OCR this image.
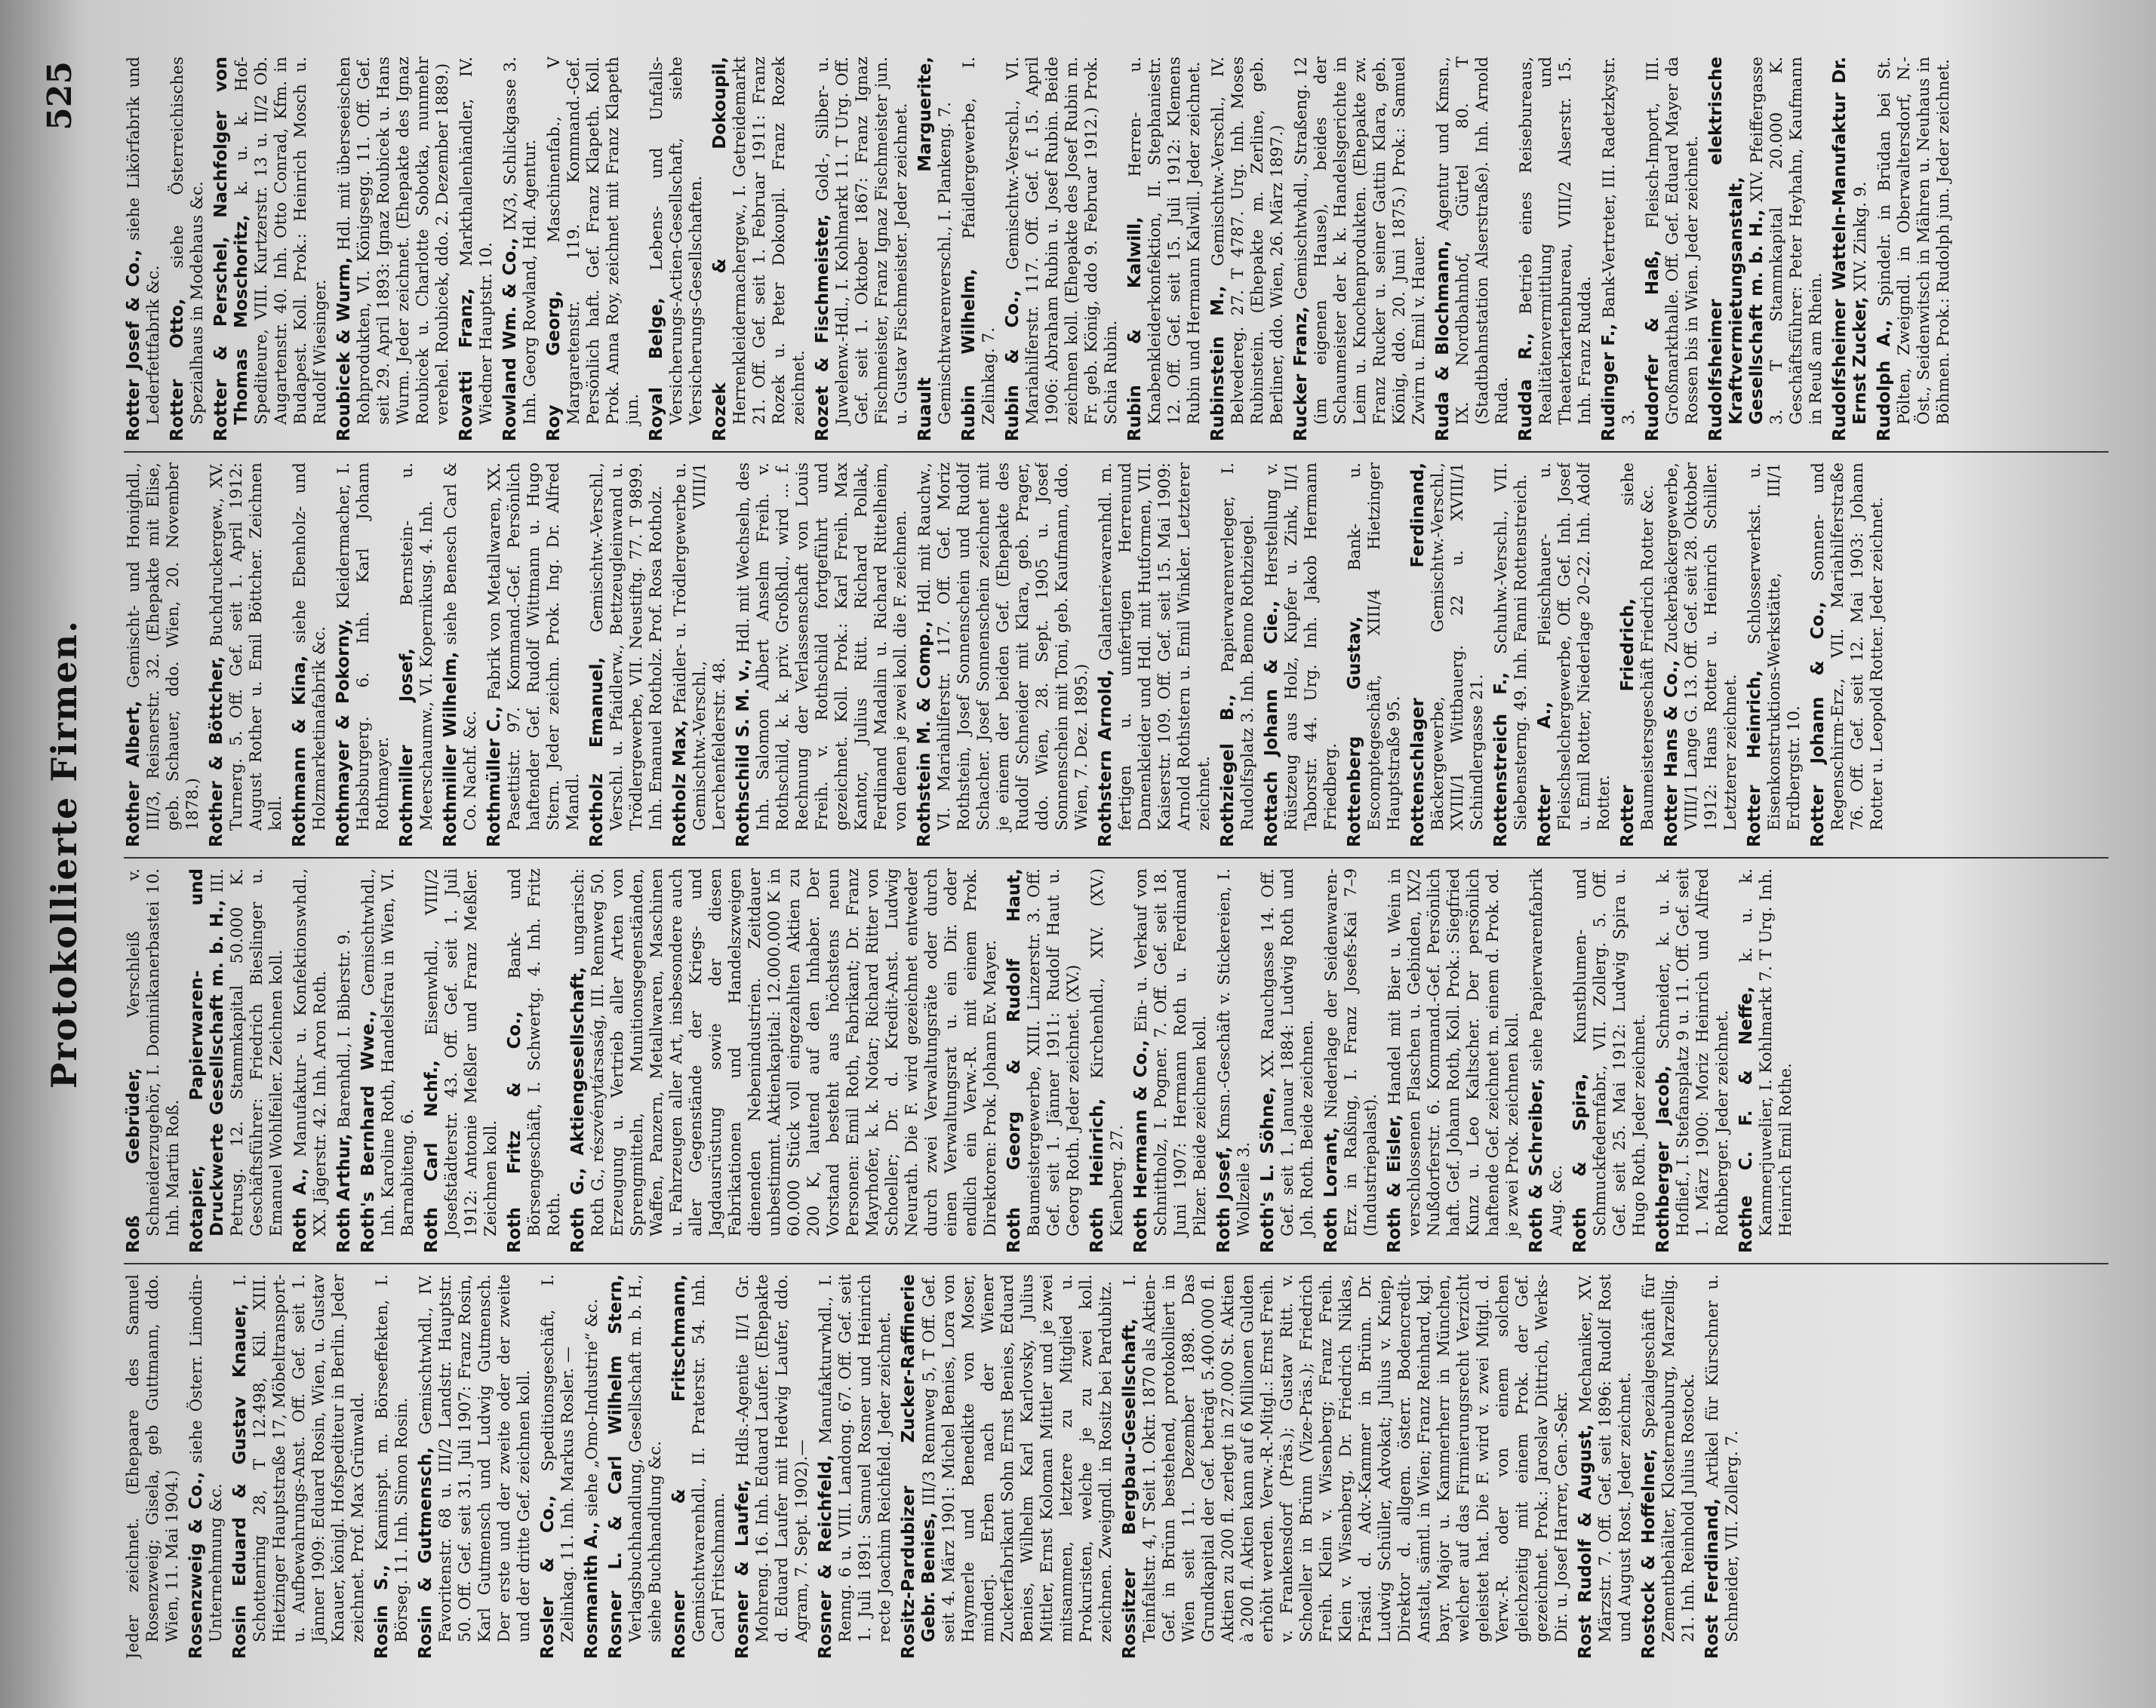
Protokollierte Firmen.
525

Jeder zeichnet. (Ehepaare des Samuel Rosenzweig; Gisela, geb Guttmann, ddo. Wien, 11. Mai 1904.) Rosenzweig & Co., siehe Österr. Limodin-Unternehmung &c. Rosin Eduard & Gustav Knauer, I. Schottenring 28, T 12.498, Kil. XIII. Hietzinger Hauptstraße 17, Möbeltransport- u. Aufbewahrungs-Anst. Off. Gef. seit 1. Jänner 1909: Eduard Rosin, Wien, u. Gustav Knauer, königl. Hofspediteur in Berlin. Jeder zeichnet. Prof. Max Grünwald. Rosin S., Kaminspt. m. Börseeffekten, I. Börseg. 11. Inh. Simon Rosin. Rosin & Gutmensch, Gemischtwhdl., IV. Favoritenstr. 68 u. III/2 Landstr. Hauptstr. 50. Off. Gef. seit 31. Juli 1907: Franz Rosin, Karl Gutmensch und Ludwig Gutmensch. Der erste und der zweite oder der zweite und der dritte Gef. zeichnen koll. Rosler & Co., Speditionsgeschäft, I. Zelinkag. 11. Inh. Markus Rosler. — Rosmanith A., siehe „Omo-Industrie“ &c. Rosner L. & Carl Wilhelm Stern, Verlagsbuchhandlung, Gesellschaft m. b. H., siehe Buchhandlung &c. Rosner & Fritschmann, Gemischtwarenhdl., II. Praterstr. 54. Inh. Carl Fritschmann. Rosner & Laufer, Hdls.-Agentie II/1 Gr. Mohreng. 16. Inh. Eduard Laufer. (Ehepakte d. Eduard Laufer mit Hedwig Laufer, ddo. Agram, 7. Sept. 1902).— Rosner & Reichfeld, Manufakturwhdl., I. Renng. 6 u. VIII. Landong. 67. Off. Gef. seit 1. Juli 1891: Samuel Rosner und Heinrich recte Joachim Reichfeld. Jeder zeichnet. Rositz-Pardubizer Zucker-Raffinerie Gebr. Benies, III/3 Rennweg 5, T Off. Gef. seit 4. März 1901: Michel Benies, Lora von Haymerle und Benedikte von Moser, minderj. Erben nach der Wiener Zuckerfabrikant Sohn Ernst Benies, Eduard Benies, Wilhelm Karl Karlovsky, Julius Mittler, Ernst Koloman Mittler und je zwei mitsammen, letztere zu Mitglied u. Prokuristen, welche je zu zwei koll. zeichnen. Zweigndl. in Rositz bei Pardubitz. Rossitzer Bergbau-Gesellschaft, I. Teinfaltstr. 4, T Seit 1. Oktr. 1870 als Aktien-Gef. in Brünn bestehend, protokolliert in Wien seit 11. Dezember 1898. Das Grundkapital der Gef. beträgt 5.400.000 fl. Aktien zu 200 fl. zerlegt in 27.000 St. Aktien à 200 fl. Aktien kann auf 6 Millionen Gulden erhöht werden. Verw.-R.-Mitgl.: Ernst Freih. v. Frankensdorf (Präs.); Gustav Ritt. v. Schoeller in Brünn (Vize-Präs.); Friedrich Freih. Klein v. Wisenberg; Franz Freih. Klein v. Wisenberg, Dr. Friedrich Niklas, Präsid. d. Adv.-Kammer in Brünn. Dr. Ludwig Schüller, Advokat; Julius v. Kniep, Direktor d. allgem. österr. Bodencredit-Anstalt, sämtl. in Wien; Franz Reinhard, kgl. bayr. Major u. Kammerherr in München, welcher auf das Firmierungsrecht Verzicht geleistet hat. Die F. wird v. zwei Mitgl. d. Verw.-R. oder von einem solchen gleichzeitig mit einem Prok. der Gef. gezeichnet. Prok.: Jaroslav Dittrich, Werks-Dir. u. Josef Harrer, Gen.-Sekr. Rost Rudolf & August, Mechaniker, XV. Märzstr. 7. Off. Gef. seit 1896: Rudolf Rost und August Rost. Jeder zeichnet. Rostock & Hoffelner, Spezialgeschäft für Zementbehälter, Klosterneuburg, Marzellig. 21. Inh. Reinhold Julius Rostock. Rost Ferdinand, Artikel für Kürschner u. Schneider, VII. Zollerg. 7.

Roß Gebrüder, Verschleiß v. Schneiderzugehör, I. Dominikanerbastei 10. Inh. Martin Roß. Rotapier, Papierwaren- und Druckwerte Gesellschaft m. b. H., III. Petrusg. 12. Stammkapital 50.000 K. Geschäftsführer: Friedrich Bieslinger u. Emanuel Wohlfeiler. Zeichnen koll. Roth A., Manufaktur- u. Konfektionswhdl., XX. Jägerstr. 42. Inh. Aron Roth. Roth Arthur, Barenhdl., I. Biberstr. 9. Roth's Bernhard Wwe., Gemischtwhdl., Inh. Karoline Roth, Handelsfrau in Wien, VI. Barnabiteng. 6. Roth Carl Nchf., Eisenwhdl., VIII/2 Josefstädterstr. 43. Off. Gef. seit 1. Juli 1912: Antonie Meßler und Franz Meßler. Zeichnen koll. Roth Fritz & Co., Bank- und Börsengeschäft, I. Schwertg. 4. Inh. Fritz Roth. Roth G., Aktiengesellschaft, ungarisch: Roth G., részvénytársaság, III. Rennweg 50. Erzeugung u. Vertrieb aller Arten von Sprengmitteln, Munitionsgegenständen, Waffen, Panzern, Metallwaren, Maschinen u. Fahrzeugen aller Art, insbesondere auch aller Gegenstände der Kriegs- und Jagdausrüstung sowie der diesen Fabrikationen und Handelszweigen dienenden Nebenindustrien. Zeitdauer unbestimmt. Aktienkapital: 12.000.000 K in 60.000 Stück voll eingezahlten Aktien zu 200 K, lautend auf den Inhaber. Der Vorstand besteht aus höchstens neun Personen: Emil Roth, Fabrikant; Dr. Franz Mayrhofer, k. k. Notar; Richard Ritter von Schoeller; Dr. d. Kredit-Anst. Ludwig Neurath. Die F. wird gezeichnet entweder durch zwei Verwaltungsräte oder durch einen Verwaltungsrat u. ein Dir. oder endlich ein Verw.-R. mit einem Prok. Direktoren: Prok. Johann Ev. Mayer. Roth Georg & Rudolf Haut, Baumeistergewerbe, XIII. Linzerstr. 3. Off. Gef. seit 1. Jänner 1911: Rudolf Haut u. Georg Roth. Jeder zeichnet. (XV.) Roth Heinrich, Kirchenhdl., XIV. (XV.) Kienberg. 27. Roth Hermann & Co., Ein- u. Verkauf von Schnittholz, I. Pogner. 7. Off. Gef. seit 18. Juni 1907: Hermann Roth u. Ferdinand Pilzer. Beide zeichnen koll. Roth Josef, Kmsn.-Geschäft v. Stickereien, I. Wollzeile 3. Roth's L. Söhne, XX. Rauchgasse 14. Off. Gef. seit 1. Januar 1884: Ludwig Roth und Joh. Roth. Beide zeichnen. Roth Lorant, Niederlage der Seidenwaren-Erz. in Raßing, I. Franz Josefs-Kai 7–9 (Industriepalast). Roth & Eisler, Handel mit Bier u. Wein in verschlossenen Flaschen u. Gebinden, IX/2 Nußdorferstr. 6. Kommand.-Gef. Persönlich haft. Gef. Johann Roth, Koll. Prok.: Siegfried Kunz u. Leo Kaltscher. Der persönlich haftende Gef. zeichnet m. einem d. Prok. od. je zwei Prok. zeichnen koll. Roth & Schreiber, siehe Papierwarenfabrik Aug. &c. Roth & Spira, Kunstblumen- und Schmuckfedernfabr., VII. Zollerg. 5. Off. Gef. seit 25. Mai 1912: Ludwig Spira u. Hugo Roth. Jeder zeichnet. Rothberger Jacob, Schneider, k. u. k. Hoflief., I. Stefansplatz 9 u. 11. Off. Gef. seit 1. März 1900: Moriz Heinrich und Alfred Rothberger. Jeder zeichnet. Rothe C. F. & Neffe, k. u. k. Kammerjuwelier, I. Kohlmarkt 7. T Urg. Inh. Heinrich Emil Rothe.

Rother Albert, Gemischt- und Honighdl., III/3, Reisnerstr. 32. (Ehepakte mit Elise, geb. Schauer, ddo. Wien, 20. November 1878.) Rother & Böttcher, Buchdruckergew., XV. Turnerg. 5. Off. Gef. seit 1. April 1912: August Rother u. Emil Böttcher. Zeichnen koll. Rothmann & Kina, siehe Ebenholz- und Holzmarketinafabrik &c. Rothmayer & Pokorny, Kleidermacher, I. Habsburgerg. 6. Inh. Karl Johann Rothmayer. Rothmiller Josef, Bernstein- u. Meerschaumw., VI. Kopernikusg. 4. Inh. Rothmiller Wilhelm, siehe Benesch Carl & Co. Nachf. &c. Rothmüller C., Fabrik von Metallwaren, XX. Pasettistr. 97. Kommand.-Gef. Persönlich haftender Gef. Rudolf Wittmann u. Hugo Stern. Jeder zeichn. Prok. Ing. Dr. Alfred Mandl. Rotholz Emanuel, Gemischtw.-Verschl., Verschl. u. Pfaidlerw., Bettzeugleinwand u. Trödlergewerbe, VII. Neustiftg. 77. T 9899. Inh. Emanuel Rotholz. Prof. Rosa Rotholz. Rotholz Max, Pfaidler- u. Trödlergewerbe u. Gemischtw.-Verschl., VIII/1 Lerchenfelderstr. 48. Rothschild S. M. v., Hdl. mit Wechseln, des Inh. Salomon Albert Anselm Freih. v. Rothschild, k. k. priv. Großhdl., wird ... f. Rechnung der Verlassenschaft von Louis Freih. v. Rothschild fortgeführt und gezeichnet. Koll. Prok.: Karl Freih. Max Kantor, Julius Ritt. Richard Pollak, Ferdinand Madalin u. Richard Rittelheim, von denen je zwei koll. die F. zeichnen. Rothstein M. & Comp., Hdl. mit Rauchw., VI. Mariahilferstr. 117. Off. Gef. Moriz Rothstein, Josef Sonnenschein und Rudolf Schacher. Josef Sonnenschein zeichnet mit je einem der beiden Gef. (Ehepakte des Rudolf Schneider mit Klara, geb. Prager, ddo. Wien, 28. Sept. 1905 u. Josef Sonnenschein mit Toni, geb. Kaufmann, ddo. Wien, 7. Dez. 1895.) Rothstern Arnold, Galanteriewarenhdl. m. fertigen u. unfertigen Herrenund Damenkleider und Hdl. mit Hutformen, VII. Kaiserstr. 109. Off. Gef. seit 15. Mai 1909: Arnold Rothstern u. Emil Winkler. Letzterer zeichnet. Rothziegel B., Papierwarenverleger, I. Rudolfsplatz 3. Inh. Benno Rothziegel. Rottach Johann & Cie., Herstellung v. Rüstzeug aus Holz, Kupfer u. Zink, II/1 Taborstr. 44. Urg. Inh. Jakob Hermann Friedberg. Rottenberg Gustav, Bank- u. Escomptegeschäft, XIII/4 Hietzinger Hauptstraße 95. Rottenschlager Ferdinand, Bäckergewerbe, Gemischtw.-Verschl., XVIII/1 Wittbauerg. 22 u. XVIII/1 Schindlergasse 21. Rottenstreich F., Schuhw.-Verschl., VII. Siebensterng. 49. Inh. Fanni Rottenstreich. Rotter A., Fleischhauer- u. Fleischselchergewerbe, Off. Gef. Inh. Josef u. Emil Rotter, Niederlage 20–22. Inh. Adolf Rotter. Rotter Friedrich, siehe Baumeistersgeschäft Friedrich Rotter &c. Rotter Hans & Co., Zuckerbäckergewerbe, VIII/1 Lange G. 13. Off. Gef. seit 28. Oktober 1912: Hans Rotter u. Heinrich Schiller. Letzterer zeichnet. Rotter Heinrich, Schlosserwerkst. u. Eisenkonstruktions-Werkstätte, III/1 Erdbergstr. 10. Rotter Johann & Co., Sonnen- und Regenschirm-Erz., VII. Mariahilferstraße 76. Off. Gef. seit 12. Mai 1903: Johann Rotter u. Leopold Rotter. Jeder zeichnet.

Rotter Josef & Co., siehe Likörfabrik und Lederfettfabrik &c. Rotter Otto, siehe Österreichisches Spezialhaus in Modehaus &c. Rotter & Perschel, Nachfolger von Thomas Moschoritz, k. u. k. Hof-Spediteure, VIII. Kurtzerstr. 13 u. II/2 Ob. Augartenstr. 40. Inh. Otto Conrad, Kfm. in Budapest. Koll. Prok.: Heinrich Mosch u. Rudolf Wiesinger. Roubicek & Wurm, Hdl. mit überseeischen Rohprodukten, VI. Königsegg. 11. Off. Gef. seit 29. April 1893: Ignaz Roubicek u. Hans Wurm. Jeder zeichnet. (Ehepakte des Ignaz Roubicek u. Charlotte Sobotka, nunmehr verehel. Roubicek, ddo. 2. Dezember 1889.) Rovatti Franz, Markthallenhändler, IV. Wiedner Hauptstr. 10. Rowland Wm. & Co., IX/3, Schlickgasse 3. Inh. Georg Rowland, Hdl. Agentur. Roy Georg, Maschinenfab., V Margaretenstr. 119. Kommand.-Gef. Persönlich haft. Gef. Franz Klapeth. Koll. Prok. Anna Roy, zeichnet mit Franz Klapeth jun. Royal Belge, Lebens- und Unfalls-Versicherungs-Actien-Gesellschaft, siehe Versicherungs-Gesellschaften. Rozek & Dokoupil, Herrenkleidermachergew., I. Getreidemarkt 21. Off. Gef. seit 1. Februar 1911: Franz Rozek u. Peter Dokoupil. Franz Rozek zeichnet. Rozet & Fischmeister, Gold-, Silber- u. Juwelenw.-Hdl., I. Kohlmarkt 11. T Urg. Off. Gef. seit 1. Oktober 1867: Franz Ignaz Fischmeister, Franz Ignaz Fischmeister jun. u. Gustav Fischmeister. Jeder zeichnet. Ruault Marguerite, Gemischtwarenverschl., I. Plankeng. 7. Rubin Wilhelm, Pfaidlergewerbe, I. Zelinkag. 7. Rubin & Co., Gemischtw.-Verschl., VI. Mariahilferstr. 117. Off. Gef. f. 15. April 1906: Abraham Rubin u. Josef Rubin. Beide zeichnen koll. (Ehepakte des Josef Rubin m. Fr. geb. König, ddo 9. Februar 1912.) Prok. Schia Rubin. Rubin & Kalwill, Herren- u. Knabenkleiderkonfektion, II. Stephaniestr. 12. Off. Gef. seit 15. Juli 1912: Klemens Rubin und Hermann Kalwill. Jeder zeichnet. Rubinstein M., Gemischtw.-Verschl., IV. Belvedereg. 27. T 4787. Urg. Inh. Moses Rubinstein. (Ehepakte m. Zerline, geb. Berliner, ddo. Wien, 26. März 1897.) Rucker Franz, Gemischtwhdl., Straßeng. 12 (im eigenen Hause), beides der Schaumeister der k. k. Handelsgerichte in Leim u. Knochenprodukten. (Ehepakte zw. Franz Rucker u. seiner Gattin Klara, geb. König, ddo. 20. Juni 1875.) Prok.: Samuel Zwirn u. Emil v. Hauer. Ruda & Blochmann, Agentur und Kmsn., IX. Nordbahnhof, Gürtel 80. T (Stadtbahnstation Alserstraße). Inh. Arnold Ruda. Rudda R., Betrieb eines Reisebureaus, Realitätenvermittlung und Theaterkartenbureau, VIII/2 Alserstr. 15. Inh. Franz Rudda. Rudinger F., Bank-Vertreter, III. Radetzkystr. 3. Rudorfer & Haß, Fleisch-Import, III. Großmarkthalle. Off. Gef. Eduard Mayer da Rossen bis in Wien. Jeder zeichnet. Rudolfsheimer elektrische Kraftvermietungsanstalt, Gesellschaft m. b. H., XIV. Pfeiffergasse 3. T Stammkapital 20.000 K. Geschäftsführer: Peter Heyhahn, Kaufmann in Reuß am Rhein. Rudolfsheimer Watteln-Manufaktur Dr. Ernst Zucker, XIV. Zinkg. 9.

Rudolph A., Spindelr. in Brüdan bei St. Pölten, Zweigndl. in Oberwaltersdorf, N.-Öst., Seidenwitsch in Mähren u. Neuhaus in Böhmen. Prok.: Rudolph jun. Jeder zeichnet.
